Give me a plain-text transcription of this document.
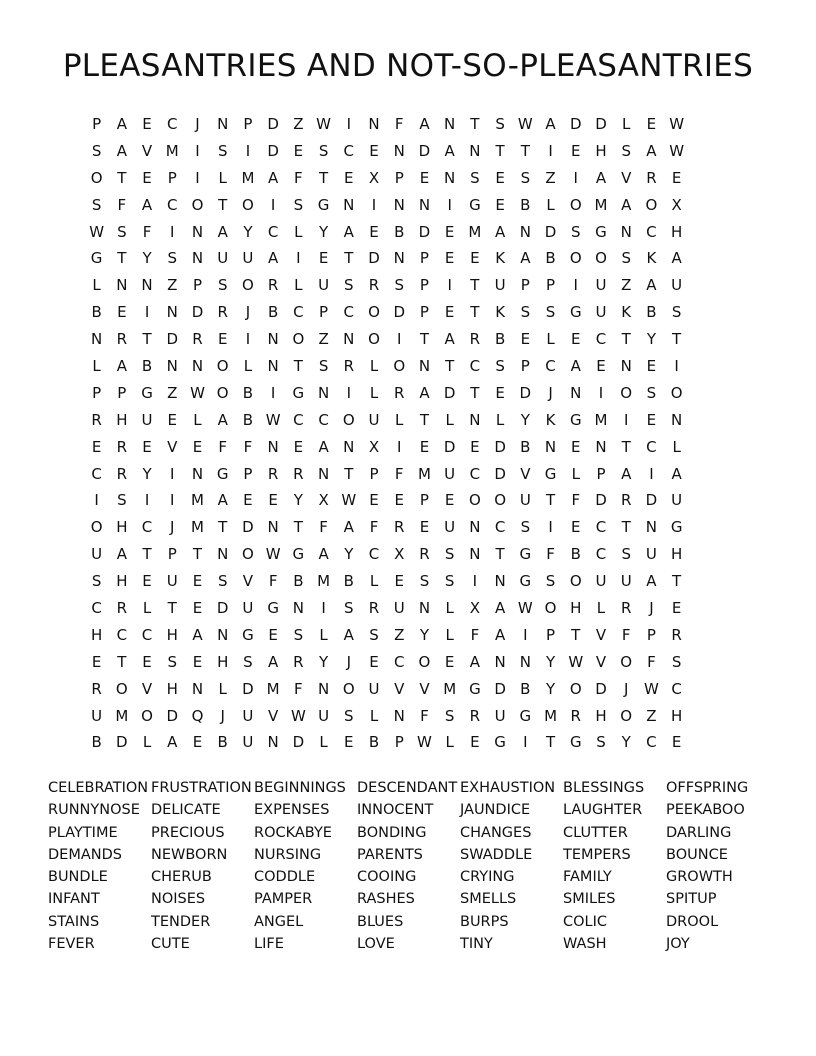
PLEASANTRIES AND NOT-SO-PLEASANTRIES
P	A	E	C	J	N	P D Z W	I	N	F	A N	T	S W A D D	L	E W
S	A V M	I	S	I	D E	S	C	E N D A N	T	T	I	E H S	A W
O T	E	P	I	L M A	F	T	E	X	P	E N S	E	S	Z	I	A V R	E
S	F	A C O T O	I	S G N	I	N N	I	G E	B	L	O M A O X
W S	F	I	N A	Y	C	L	Y	A	E	B D E M A N D S G N C H
G T	Y	S N U U A	I	E	T D N	P	E	E	K	A B O O S	K	A
L	N N Z	P	S O R	L	U S	R	S	P	I	T	U	P	P	I	U Z A U
B	E	I	N D R	J	B C	P	C O D P	E	T	K	S	S G U K	B	S
N R	T D R	E	I	N O Z N O	I	T	A R B	E	L	E	C	T	Y	T
L	A B N N O	L	N	T	S	R	L	O N	T	C	S	P	C A	E N E	I
P	P G Z W O B	I	G N	I	L	R A D T	E D	J	N	I	O S O
R H U E	L	A B W C C O U	L	T	L	N	L	Y	K G M	I	E N
E	R	E	V	E	F	F	N E	A N X	I	E D E D B N E N	T	C	L
C R	Y	I	N G P	R R N	T	P	F M U C D V G	L	P	A	I	A
I	S	I	I	M A	E	E	Y	X W E	E	P	E O O U	T	F	D R D U
O H C	J	M T D N	T	F	A	F	R	E U N C	S	I	E	C	T	N G
U A	T	P	T	N O W G A	Y	C X R	S N	T G	F	B C	S U H
S H E U E	S	V	F	B M B	L	E	S	S	I	N G S O U U A	T
C R	L	T	E D U G N	I	S	R U N	L	X A W O H	L	R	J	E
H C C H A N G E	S	L	A	S	Z	Y	L	F	A	I	P	T	V	F	P	R
E	T	E	S	E H S	A R	Y	J	E	C O E	A N N	Y W V O F	S
R O V H N	L	D M F	N O U V V M G D B	Y O D	J	W C
U M O D Q	J	U V W U S	L	N	F	S	R U G M R H O Z H
B D	L	A	E	B U N D	L	E	B	P W L	E G	I	T G S	Y	C	E
CELEBRATION FRUSTRATION BEGINNINGS DESCENDANT EXHAUSTION BLESSINGS	OFFSPRING
RUNNYNOSE DELICATE	EXPENSES	INNOCENT	JAUNDICE	LAUGHTER	PEEKABOO
PLAYTIME	PRECIOUS	ROCKABYE	BONDING	CHANGES	CLUTTER	DARLING
DEMANDS	NEWBORN	NURSING	PARENTS	SWADDLE	TEMPERS	BOUNCE
BUNDLE	CHERUB	CODDLE	COOING	CRYING	FAMILY	GROWTH
INFANT	NOISES	PAMPER	RASHES	SMELLS	SMILES	SPITUP
STAINS	TENDER	ANGEL	BLUES	BURPS	COLIC	DROOL
FEVER	CUTE	LIFE	LOVE	TINY	WASH	JOY
